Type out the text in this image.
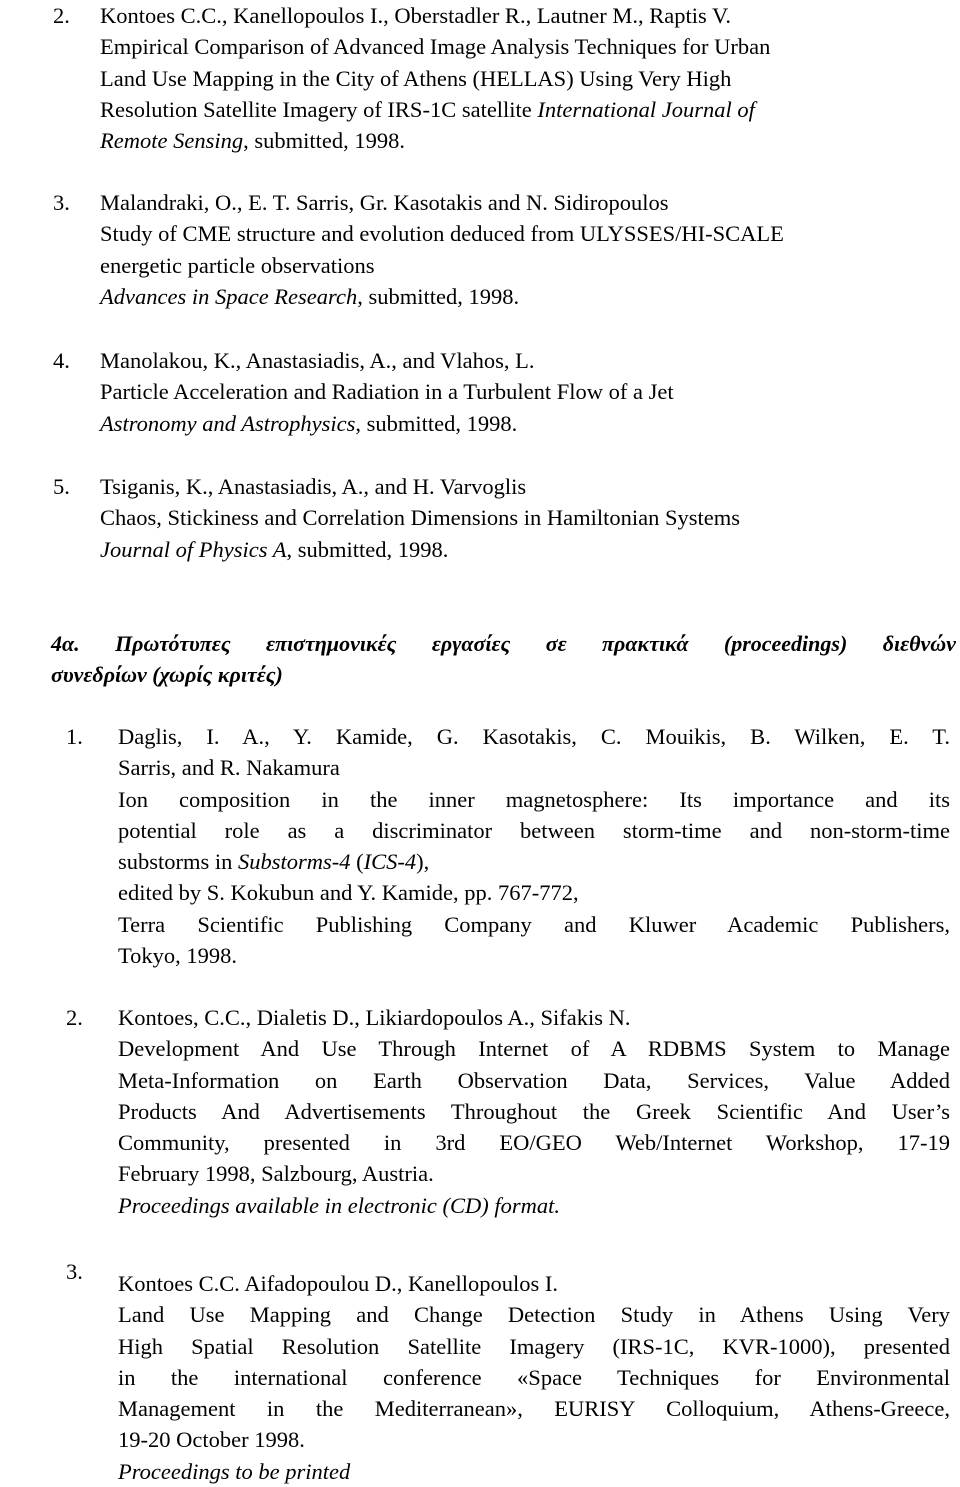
2. Kontoes C.C., Kanellopoulos I., Oberstadler R., Lautner M., Raptis V.
Empirical Comparison of Advanced Image Analysis Techniques for Urban
Land Use Mapping in the City of Athens (HELLAS) Using Very High
Resolution Satellite Imagery of IRS-1C satellite International Journal of
Remote Sensing, submitted, 1998.
3. Malandraki, O., E. T. Sarris, Gr. Kasotakis and N. Sidiropoulos
Study of CME structure and evolution deduced from ULYSSES/HI-SCALE
energetic particle observations
Advances in Space Research, submitted, 1998.
4. Manolakou, K., Anastasiadis, A., and Vlahos, L.
Particle Acceleration and Radiation in a Turbulent Flow of a Jet
Astronomy and Astrophysics, submitted, 1998.
5. Tsiganis, K., Anastasiadis, A., and H. Varvoglis
Chaos, Stickiness and Correlation Dimensions in Hamiltonian Systems
Journal of Physics A, submitted, 1998.
4α. Πρωτότυπες επιστημονικές εργασίες σε πρακτικά (proceedings) διεθνών
συνεδρίων (χωρίς κριτές)
1. Daglis, I. A., Y. Kamide, G. Kasotakis, C. Mouikis, B. Wilken, E. T.
Sarris, and R. Nakamura
Ion composition in the inner magnetosphere: Its importance and its
potential role as a discriminator between storm-time and non-storm-time
substorms in Substorms-4 (ICS-4),
edited by S. Kokubun and Y. Kamide, pp. 767-772,
Terra Scientific Publishing Company and Kluwer Academic Publishers,
Tokyo, 1998.
2. Kontoes, C.C., Dialetis D., Likiardopoulos A., Sifakis N.
Development And Use Through Internet of A RDBMS System to Manage
Meta-Information on Earth Observation Data, Services, Value Added
Products And Advertisements Throughout the Greek Scientific And User’s
Community, presented in 3rd EO/GEO Web/Internet Workshop, 17-19
February 1998, Salzbourg, Austria.
Proceedings available in electronic (CD) format.
3. Kontoes C.C. Aifadopoulou D., Kanellopoulos I.
Land Use Mapping and Change Detection Study in Athens Using Very
High Spatial Resolution Satellite Imagery (IRS-1C, KVR-1000), presented
in the international conference «Space Techniques for Environmental
Management in the Mediterranean», EURISY Colloquium, Athens-Greece,
19-20 October 1998.
Proceedings to be printed
